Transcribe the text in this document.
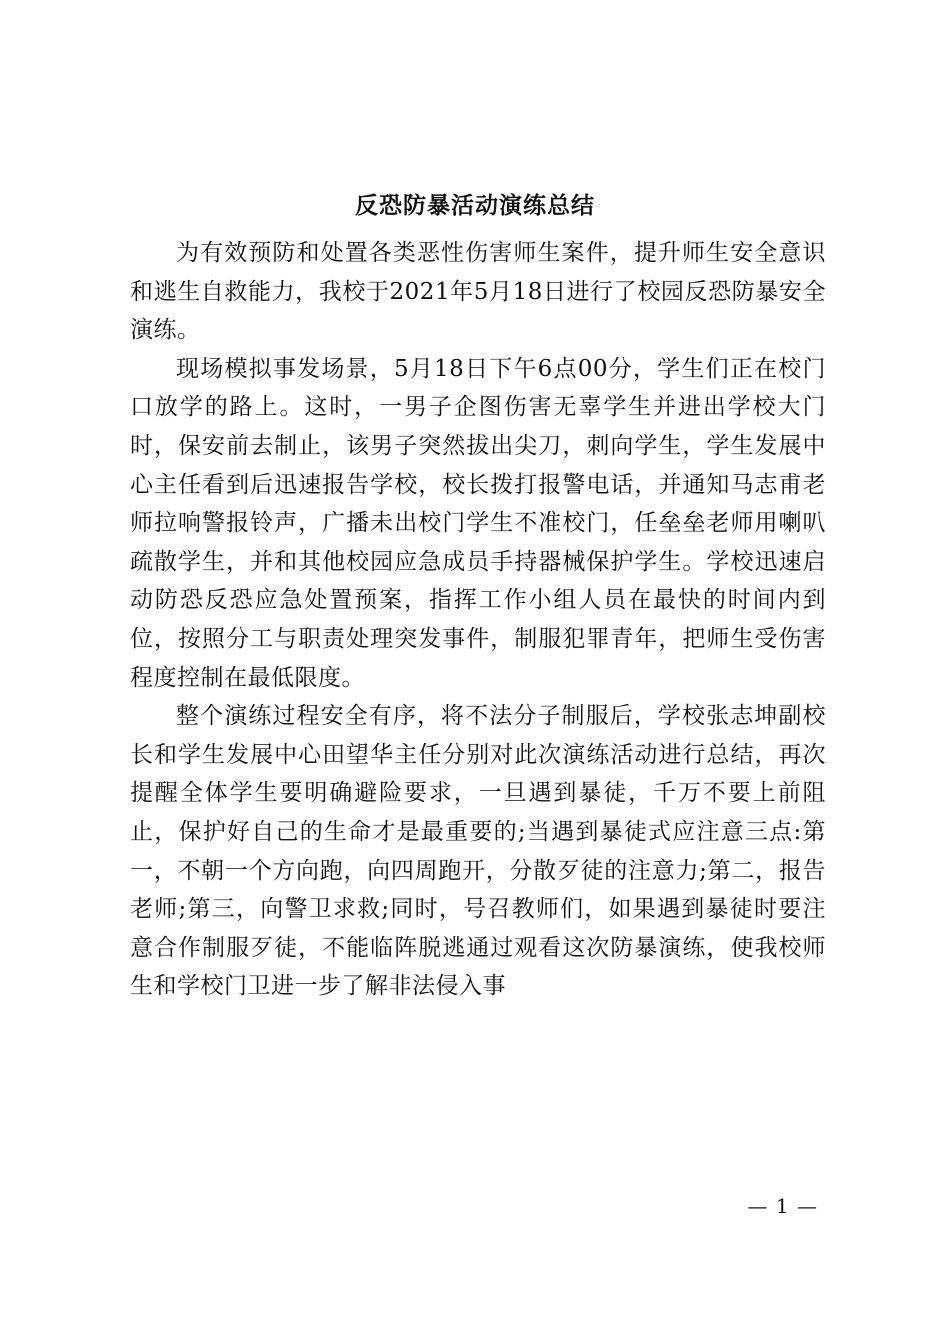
反恐防暴活动演练总结

为有效预防和处置各类恶性伤害师生案件，提升师生安全意识和逃生自救能力，我校于2021年5月18日进行了校园反恐防暴安全演练。

现场模拟事发场景，5月18日下午6点00分，学生们正在校门口放学的路上。这时，一男子企图伤害无辜学生并进出学校大门时，保安前去制止，该男子突然拔出尖刀，刺向学生，学生发展中心主任看到后迅速报告学校，校长拨打报警电话，并通知马志甫老师拉响警报铃声，广播未出校门学生不准校门，任垒垒老师用喇叭疏散学生，并和其他校园应急成员手持器械保护学生。学校迅速启动防恐反恐应急处置预案，指挥工作小组人员在最快的时间内到位，按照分工与职责处理突发事件，制服犯罪青年，把师生受伤害程度控制在最低限度。

整个演练过程安全有序，将不法分子制服后，学校张志坤副校长和学生发展中心田望华主任分别对此次演练活动进行总结，再次提醒全体学生要明确避险要求，一旦遇到暴徒，千万不要上前阻止，保护好自己的生命才是最重要的;当遇到暴徒式应注意三点:第一，不朝一个方向跑，向四周跑开，分散歹徒的注意力;第二，报告老师;第三，向警卫求救;同时，号召教师们，如果遇到暴徒时要注意合作制服歹徒，不能临阵脱逃通过观看这次防暴演练，使我校师生和学校门卫进一步了解非法侵入事

— 1 —
